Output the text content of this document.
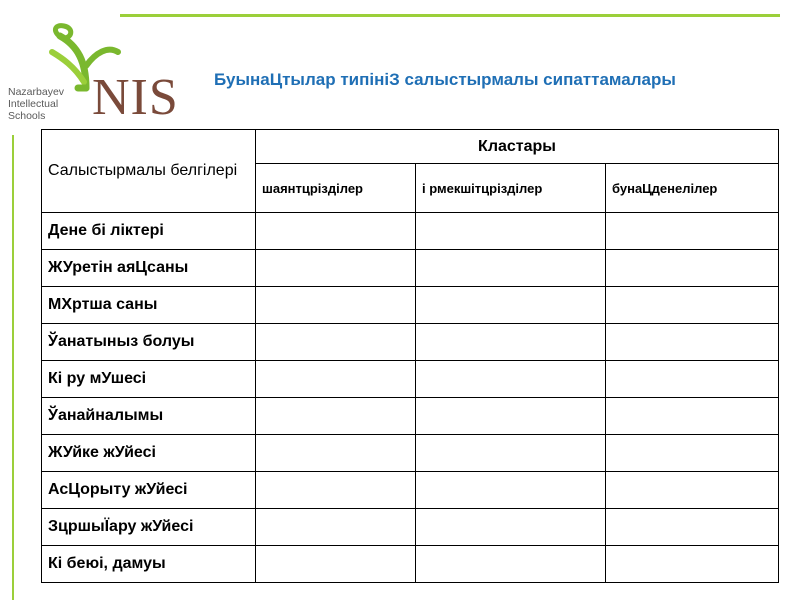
Nazarbayev
Intellectual
Schools NIS БуынаЦтылар типініЗ салыстырмалы сипаттамалары
Салыстырмалы белгілері	Кластары		
	шаянтцрізділер	і рмекшітцрізділер	бунаЦденелілер
Дене бі ліктері			
ЖУретін аяЦсаны			
МХртша саны			
Ўанатыныз болуы			
Кі ру мУшесі			
Ўанайналымы			
ЖУйке жУйесі			
АсЦорыту жУйесі			
ЗцршыЇару жУйесі			
Кі беюі, дамуы			
